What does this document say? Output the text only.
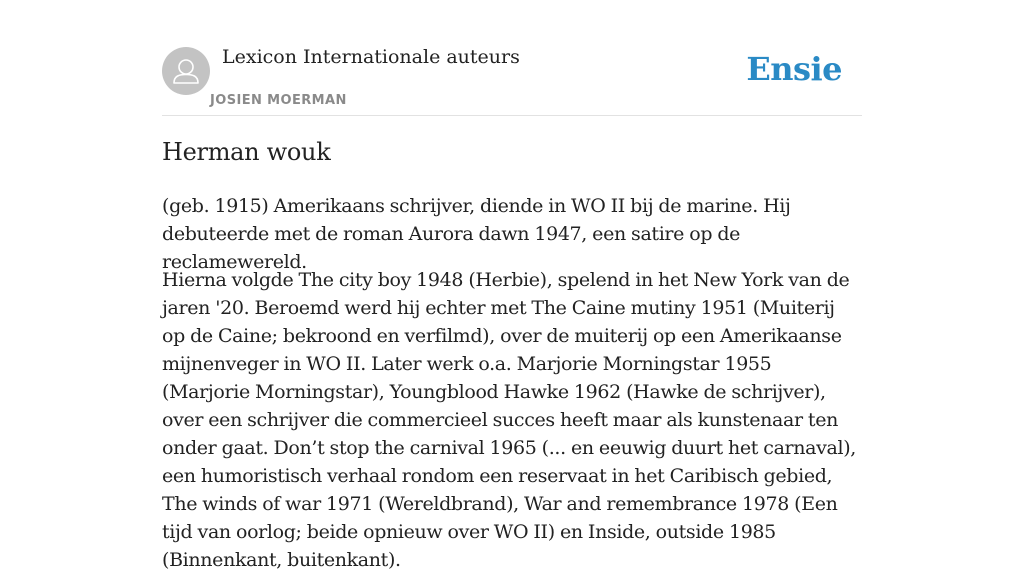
Lexicon Internationale auteurs
JOSIEN MOERMAN
Ensie
Herman wouk

(geb. 1915) Amerikaans schrijver, diende in WO II bij de marine. Hij debuteerde met de roman Aurora dawn 1947, een satire op de reclamewereld.

Hierna volgde The city boy 1948 (Herbie), spelend in het New York van de jaren '20. Beroemd werd hij echter met The Caine mutiny 1951 (Muiterij op de Caine; bekroond en verfilmd), over de muiterij op een Amerikaanse mijnenveger in WO II. Later werk o.a. Marjorie Morningstar 1955 (Marjorie Morningstar), Youngblood Hawke 1962 (Hawke de schrijver), over een schrijver die commercieel succes heeft maar als kunstenaar ten onder gaat. Don’t stop the carnival 1965 (... en eeuwig duurt het carnaval), een humoristisch verhaal rondom een reservaat in het Caribisch gebied, The winds of war 1971 (Wereldbrand), War and remembrance 1978 (Een tijd van oorlog; beide opnieuw over WO II) en Inside, outside 1985 (Binnenkant, buitenkant).
